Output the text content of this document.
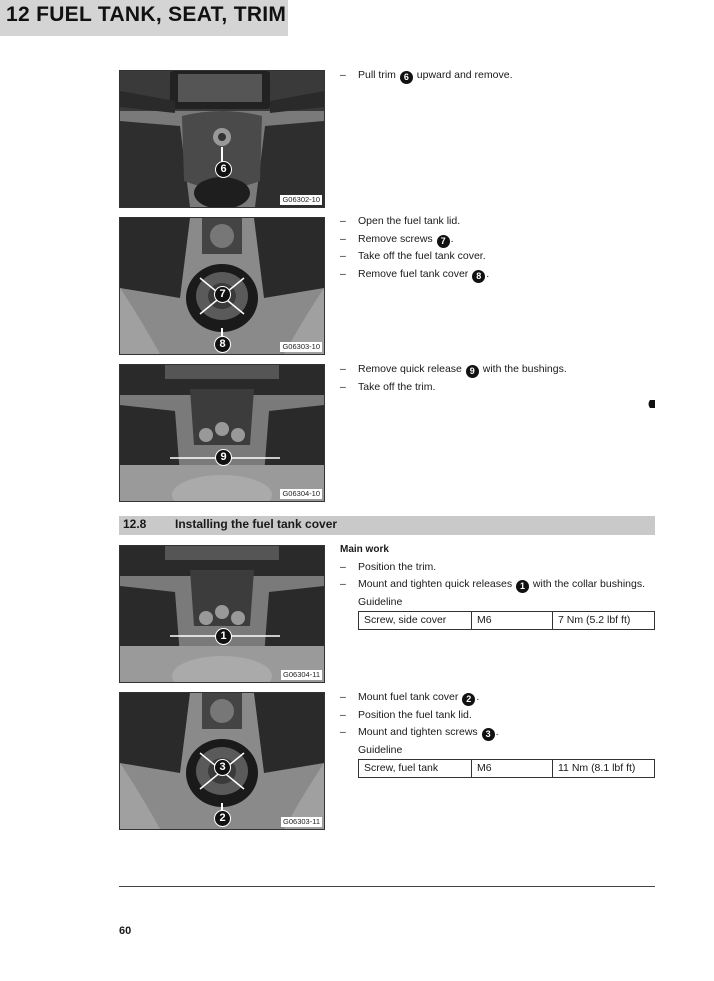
12 FUEL TANK, SEAT, TRIM
6
G06302-10
– Pull trim 6 upward and remove.
7
8	G06303-10
– Open the fuel tank lid.
– Remove screws 7 .
– Take off the fuel tank cover.
– Remove fuel tank cover 8 .
9
G06304-10
– Remove quick release 9 with the bushings.
– Take off the trim.
12.8 Installing the fuel tank cover
1
G06304-11
Main work
– Position the trim.
– Mount and tighten quick releases 1 with the collar bushings.
Guideline
Screw, side cover	M6	7 Nm (5.2 lbf ft)
3
2	G06303-11
– Mount fuel tank cover 2 .
– Position the fuel tank lid.
– Mount and tighten screws 3 .
Guideline
Screw, fuel tank	M6	11 Nm (8.1 lbf ft)
60
